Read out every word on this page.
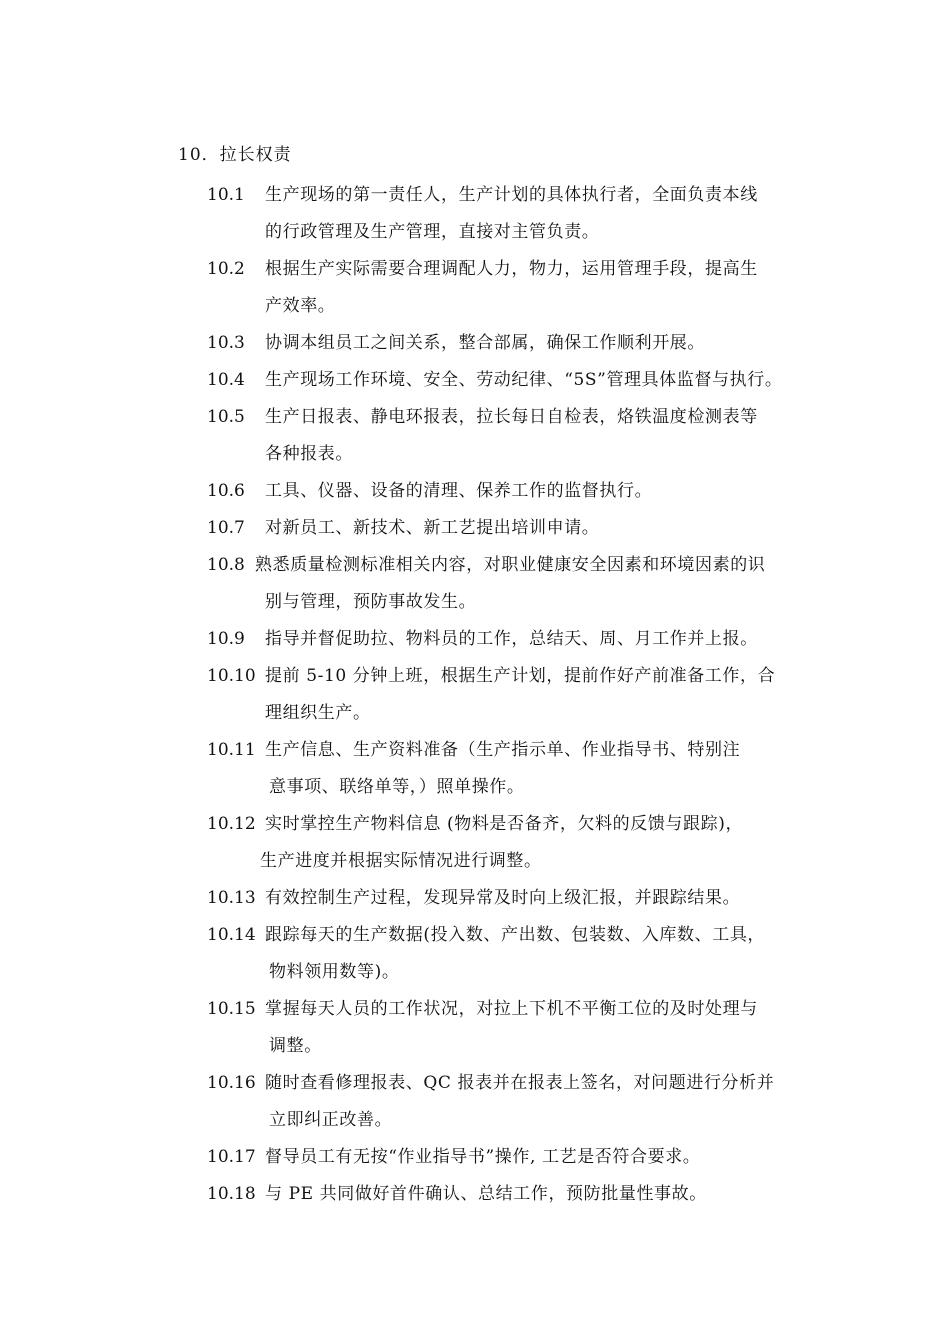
10．拉长权责
10.1 生产现场的第一责任人，生产计划的具体执行者，全面负责本线
的行政管理及生产管理，直接对主管负责。
10.2 根据生产实际需要合理调配人力，物力，运用管理手段，提高生
产效率。
10.3 协调本组员工之间关系，整合部属，确保工作顺利开展。
10.4 生产现场工作环境、安全、劳动纪律、“5S”管理具体监督与执行。
10.5 生产日报表、静电环报表，拉长每日自检表，烙铁温度检测表等
各种报表。
10.6 工具、仪器、设备的清理、保养工作的监督执行。
10.7 对新员工、新技术、新工艺提出培训申请。
10.8 熟悉质量检测标准相关内容，对职业健康安全因素和环境因素的识
别与管理，预防事故发生。
10.9 指导并督促助拉、物料员的工作，总结天、周、月工作并上报。
10.10 提前 5-10 分钟上班，根据生产计划，提前作好产前准备工作，合
理组织生产。
10.11 生产信息、生产资料准备（生产指示单、作业指导书、特别注
意事项、联络单等，）照单操作。
10.12 实时掌控生产物料信息 (物料是否备齐，欠料的反馈与跟踪)，
生产进度并根据实际情况进行调整。
10.13 有效控制生产过程，发现异常及时向上级汇报，并跟踪结果。
10.14 跟踪每天的生产数据(投入数、产出数、包装数、入库数、工具，
物料领用数等)。
10.15 掌握每天人员的工作状况，对拉上下机不平衡工位的及时处理与
调整。
10.16 随时查看修理报表、QC 报表并在报表上签名，对问题进行分析并
立即纠正改善。
10.17 督导员工有无按“作业指导书”操作, 工艺是否符合要求。
10.18 与 PE 共同做好首件确认、总结工作，预防批量性事故。
